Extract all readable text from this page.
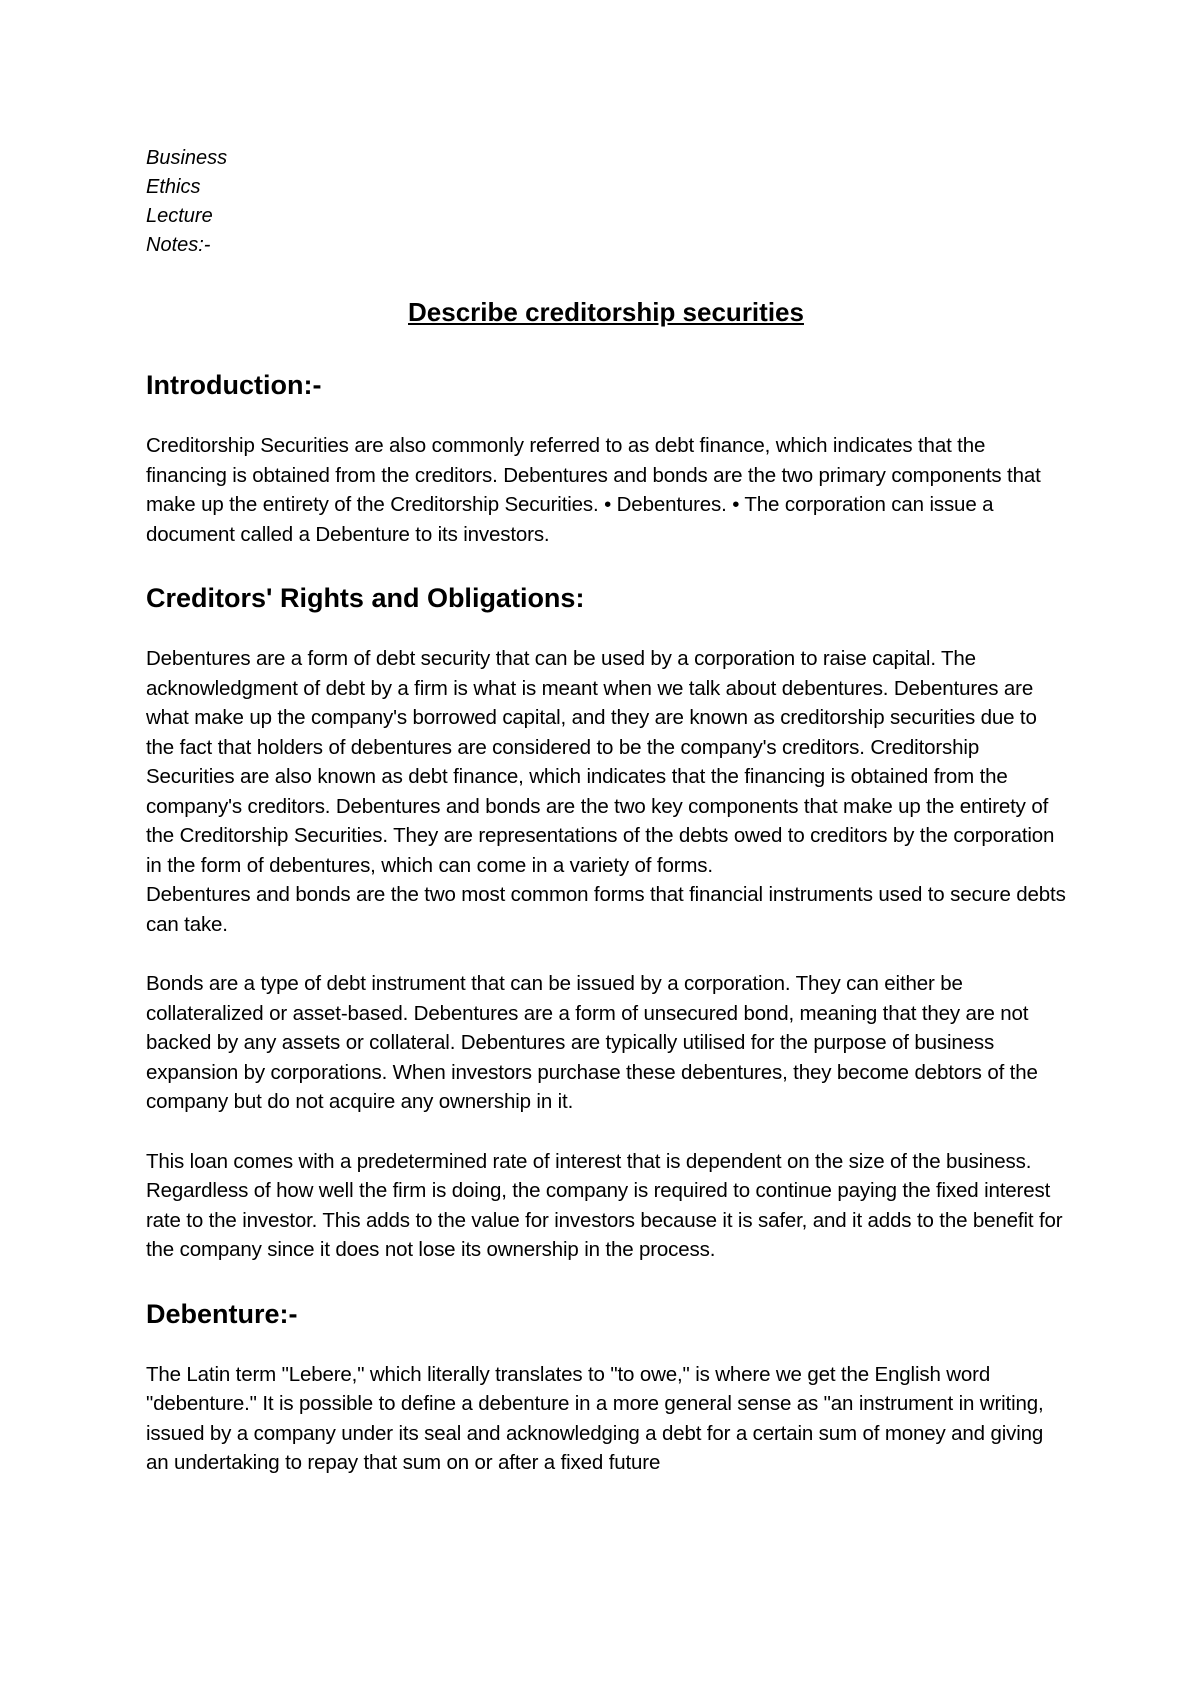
Business
Ethics
Lecture
Notes:-
Describe creditorship securities
Introduction:-

Creditorship Securities are also commonly referred to as debt finance, which indicates that the financing is obtained from the creditors. Debentures and bonds are the two primary components that make up the entirety of the Creditorship Securities. • Debentures. • The corporation can issue a document called a Debenture to its investors.

Creditors' Rights and Obligations:

Debentures are a form of debt security that can be used by a corporation to raise capital. The acknowledgment of debt by a firm is what is meant when we talk about debentures. Debentures are what make up the company's borrowed capital, and they are known as creditorship securities due to the fact that holders of debentures are considered to be the company's creditors. Creditorship Securities are also known as debt finance, which indicates that the financing is obtained from the company's creditors. Debentures and bonds are the two key components that make up the entirety of the Creditorship Securities. They are representations of the debts owed to creditors by the corporation in the form of debentures, which can come in a variety of forms.

Debentures and bonds are the two most common forms that financial instruments used to secure debts can take.

Bonds are a type of debt instrument that can be issued by a corporation. They can either be collateralized or asset-based. Debentures are a form of unsecured bond, meaning that they are not backed by any assets or collateral. Debentures are typically utilised for the purpose of business expansion by corporations. When investors purchase these debentures, they become debtors of the company but do not acquire any ownership in it.

This loan comes with a predetermined rate of interest that is dependent on the size of the business. Regardless of how well the firm is doing, the company is required to continue paying the fixed interest rate to the investor. This adds to the value for investors because it is safer, and it adds to the benefit for the company since it does not lose its ownership in the process.

Debenture:-

The Latin term "Lebere," which literally translates to "to owe," is where we get the English word "debenture." It is possible to define a debenture in a more general sense as "an instrument in writing, issued by a company under its seal and acknowledging a debt for a certain sum of money and giving an undertaking to repay that sum on or after a fixed future
